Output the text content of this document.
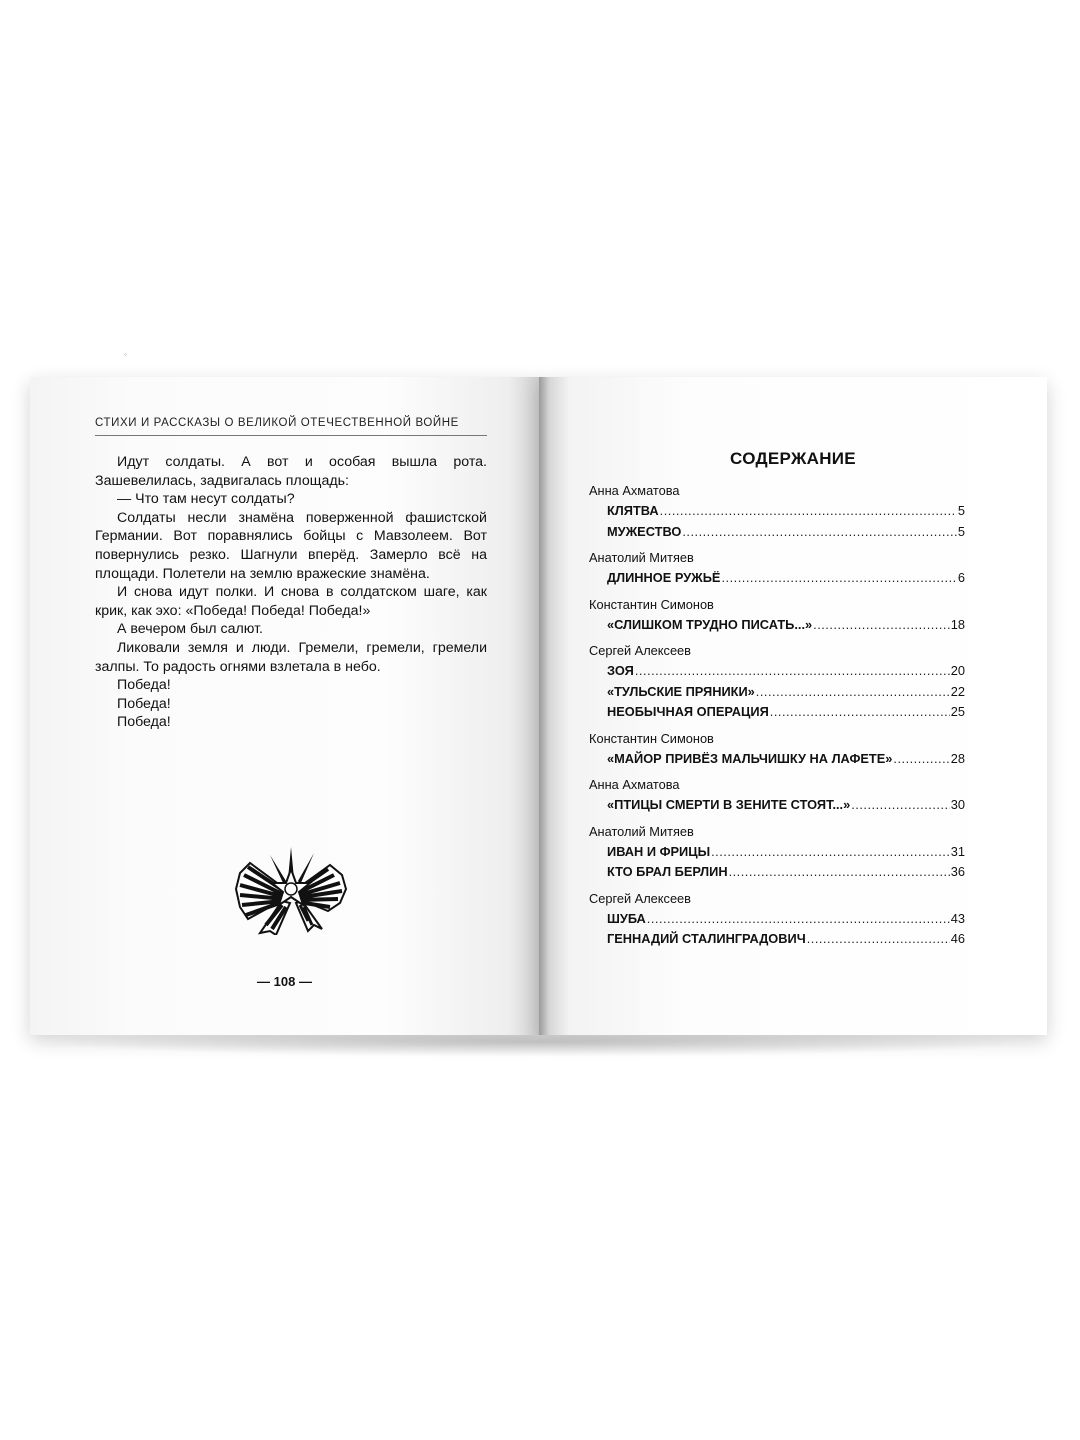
◦
СТИХИ И РАССКАЗЫ О ВЕЛИКОЙ ОТЕЧЕСТВЕННОЙ ВОЙНЕ

Идут солдаты. А вот и особая вышла рота. Зашевелилась, задвигалась площадь:

— Что там несут солдаты?

Солдаты несли знамёна поверженной фашистской Германии. Вот поравнялись бойцы с Мавзолеем. Вот повернулись резко. Шагнули вперёд. Замерло всё на площади. Полетели на землю вражеские знамёна.

И снова идут полки. И снова в солдатском шаге, как крик, как эхо: «Победа! Победа! Победа!»

А вечером был салют.

Ликовали земля и люди. Гремели, гремели, гремели залпы. То радость огнями взлетала в небо.

Победа!

Победа!

Победа!

— 108 —
СОДЕРЖАНИЕ
Анна Ахматова
КЛЯТВА .....	5
МУЖЕСТВО .....	5
Анатолий Митяев
ДЛИННОЕ РУЖЬЁ .....	6
Константин Симонов
«СЛИШКОМ ТРУДНО ПИСАТЬ...» .....	18
Сергей Алексеев
ЗОЯ .....	20
«ТУЛЬСКИЕ ПРЯНИКИ» .....	22
НЕОБЫЧНАЯ ОПЕРАЦИЯ .....	25
Константин Симонов
«МАЙОР ПРИВЁЗ МАЛЬЧИШКУ НА ЛАФЕТЕ» .....	28
Анна Ахматова
«ПТИЦЫ СМЕРТИ В ЗЕНИТЕ СТОЯТ...» .....	30
Анатолий Митяев
ИВАН И ФРИЦЫ .....	31
КТО БРАЛ БЕРЛИН .....	36
Сергей Алексеев
ШУБА .....	43
ГЕННАДИЙ СТАЛИНГРАДОВИЧ .....	46
